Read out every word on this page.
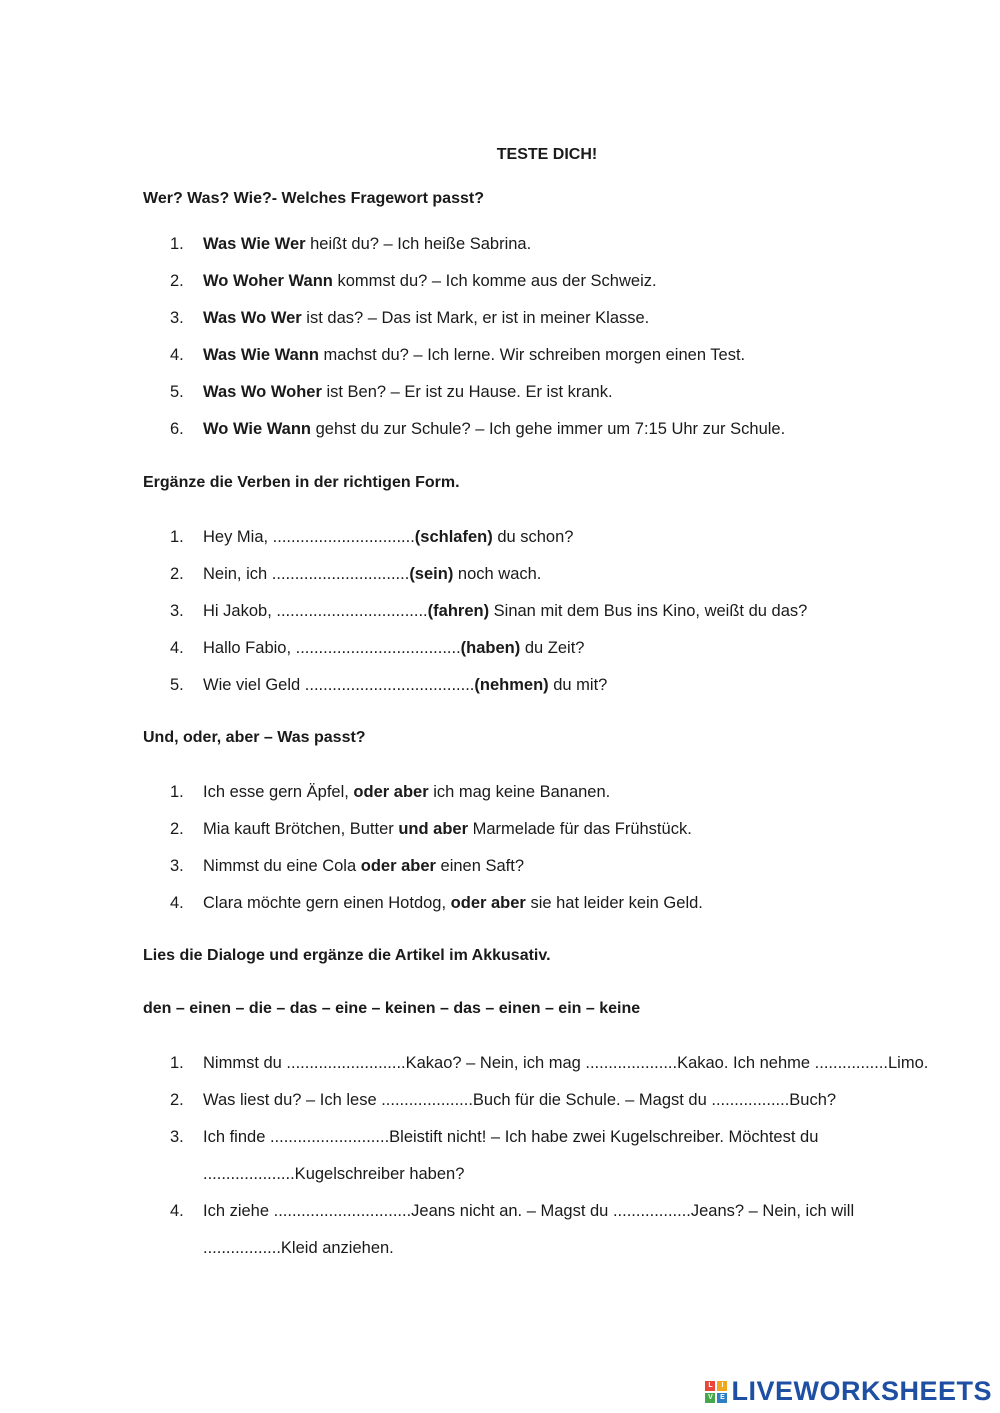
TESTE DICH!
Wer? Was? Wie?- Welches Fragewort passt?
1.	Was Wie Wer heißt du? – Ich heiße Sabrina.
2.	Wo Woher Wann kommst du? – Ich komme aus der Schweiz.
3.	Was Wo Wer ist das? – Das ist Mark, er ist in meiner Klasse.
4.	Was Wie Wann machst du? – Ich lerne. Wir schreiben morgen einen Test.
5.	Was Wo Woher ist Ben? – Er ist zu Hause. Er ist krank.
6.	Wo Wie Wann gehst du zur Schule? – Ich gehe immer um 7:15 Uhr zur Schule.
Ergänze die Verben in der richtigen Form.
1.	Hey Mia, ...............................(schlafen) du schon?
2.	Nein, ich ..............................(sein) noch wach.
3.	Hi Jakob, .................................(fahren) Sinan mit dem Bus ins Kino, weißt du das?
4.	Hallo Fabio, ....................................(haben) du Zeit?
5.	Wie viel Geld .....................................(nehmen) du mit?
Und, oder, aber – Was passt?
1.	Ich esse gern Äpfel, oder aber ich mag keine Bananen.
2.	Mia kauft Brötchen, Butter und aber Marmelade für das Frühstück.
3.	Nimmst du eine Cola oder aber einen Saft?
4.	Clara möchte gern einen Hotdog, oder aber sie hat leider kein Geld.
Lies die Dialoge und ergänze die Artikel im Akkusativ.
den – einen – die – das – eine – keinen – das – einen – ein – keine
1.	Nimmst du ..........................Kakao? – Nein, ich mag ....................Kakao. Ich nehme ................Limo.
2.	Was liest du? – Ich lese ....................Buch für die Schule. – Magst du .................Buch?
3.	Ich finde ..........................Bleistift nicht! – Ich habe zwei Kugelschreiber. Möchtest du ....................Kugelschreiber haben?
4.	Ich ziehe ..............................Jeans nicht an. – Magst du .................Jeans? – Nein, ich will .................Kleid anziehen.
L	I
V	E LIVEWORKSHEETS
